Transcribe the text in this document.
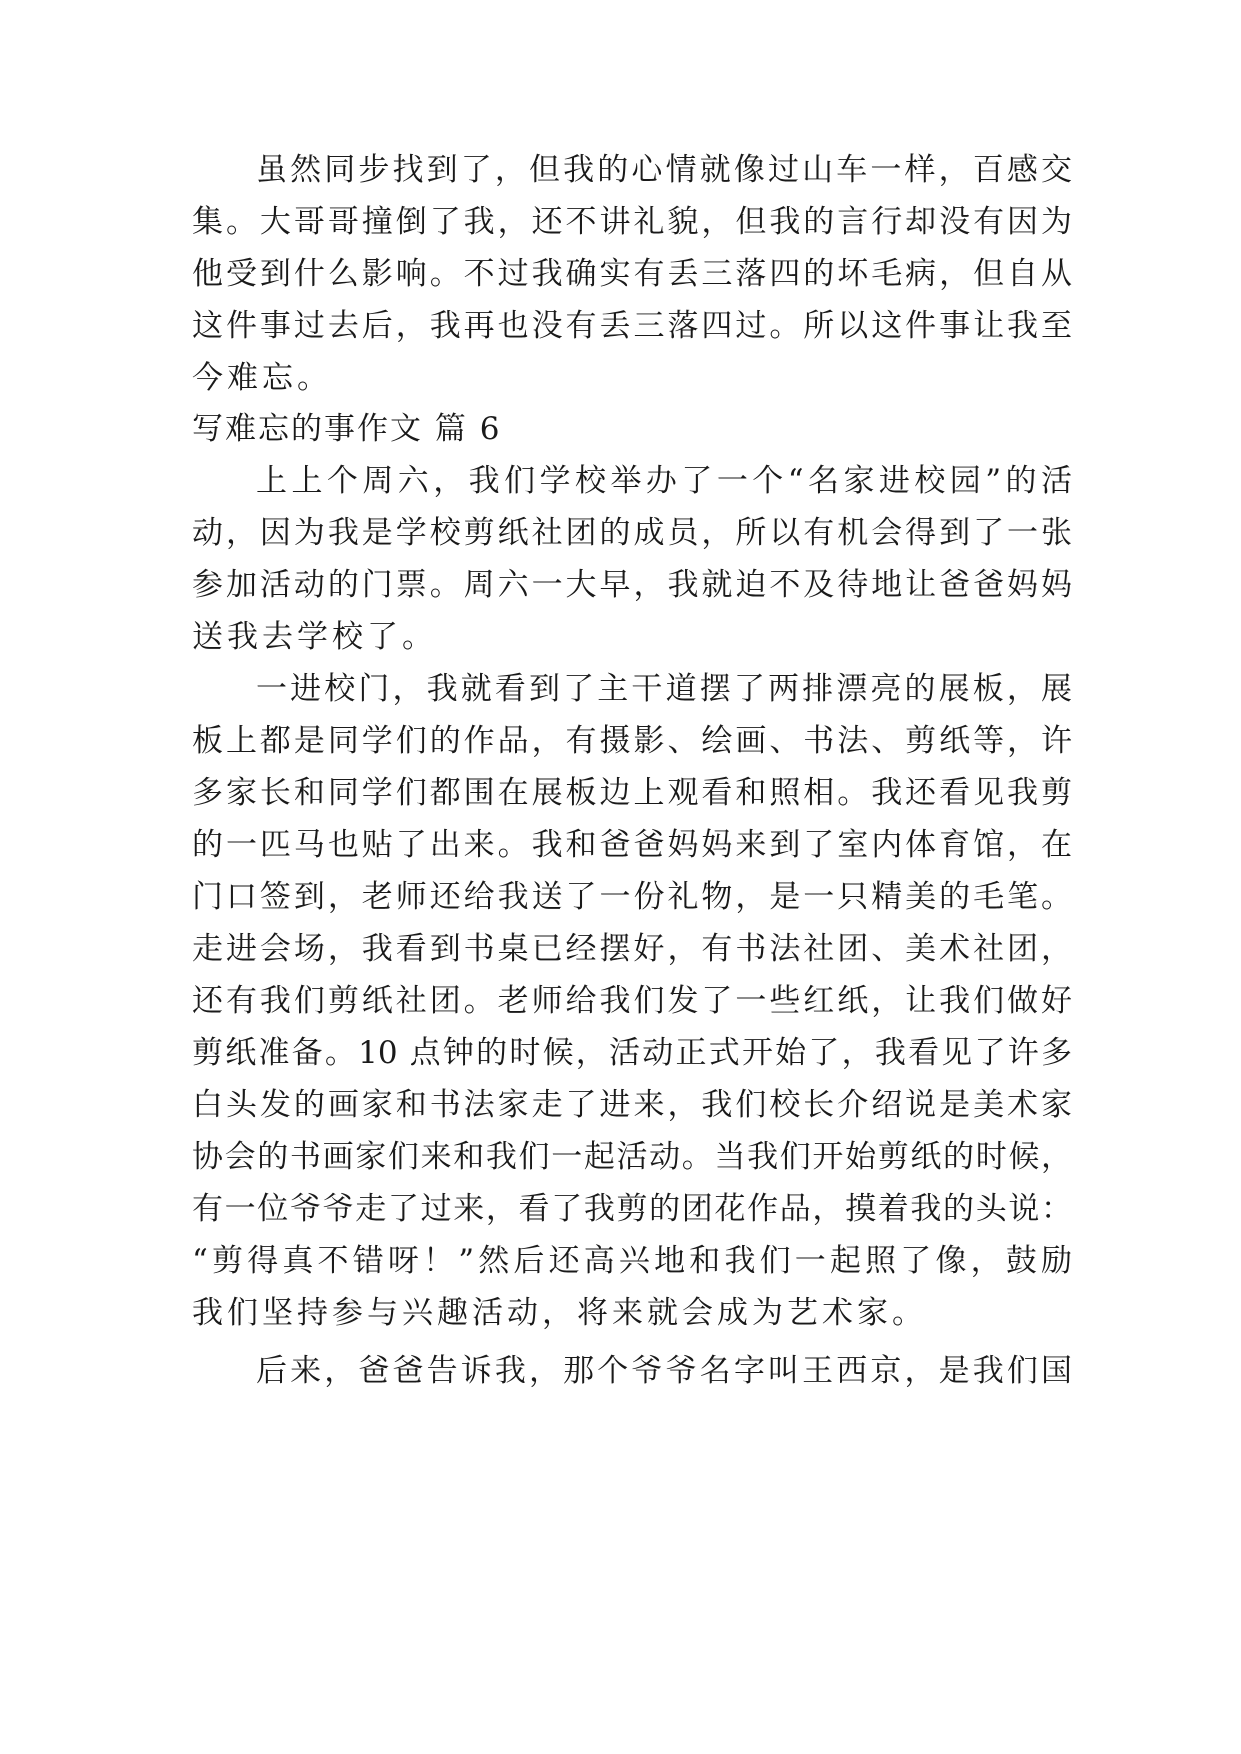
虽然同步找到了，但我的心情就像过山车一样，百感交
集。大哥哥撞倒了我，还不讲礼貌，但我的言行却没有因为
他受到什么影响。不过我确实有丢三落四的坏毛病，但自从
这件事过去后，我再也没有丢三落四过。所以这件事让我至
今难忘。
写难忘的事作文 篇 6
上上个周六，我们学校举办了一个“名家进校园”的活
动，因为我是学校剪纸社团的成员，所以有机会得到了一张
参加活动的门票。周六一大早，我就迫不及待地让爸爸妈妈
送我去学校了。
一进校门，我就看到了主干道摆了两排漂亮的展板，展
板上都是同学们的作品，有摄影、绘画、书法、剪纸等，许
多家长和同学们都围在展板边上观看和照相。我还看见我剪
的一匹马也贴了出来。我和爸爸妈妈来到了室内体育馆，在
门口签到，老师还给我送了一份礼物，是一只精美的毛笔。
走进会场，我看到书桌已经摆好，有书法社团、美术社团，
还有我们剪纸社团。老师给我们发了一些红纸，让我们做好
剪纸准备。10 点钟的时候，活动正式开始了，我看见了许多
白头发的画家和书法家走了进来，我们校长介绍说是美术家
协会的书画家们来和我们一起活动。当我们开始剪纸的时候，
有一位爷爷走了过来，看了我剪的团花作品，摸着我的头说：
“剪得真不错呀！”然后还高兴地和我们一起照了像，鼓励
我们坚持参与兴趣活动，将来就会成为艺术家。
后来，爸爸告诉我，那个爷爷名字叫王西京，是我们国
